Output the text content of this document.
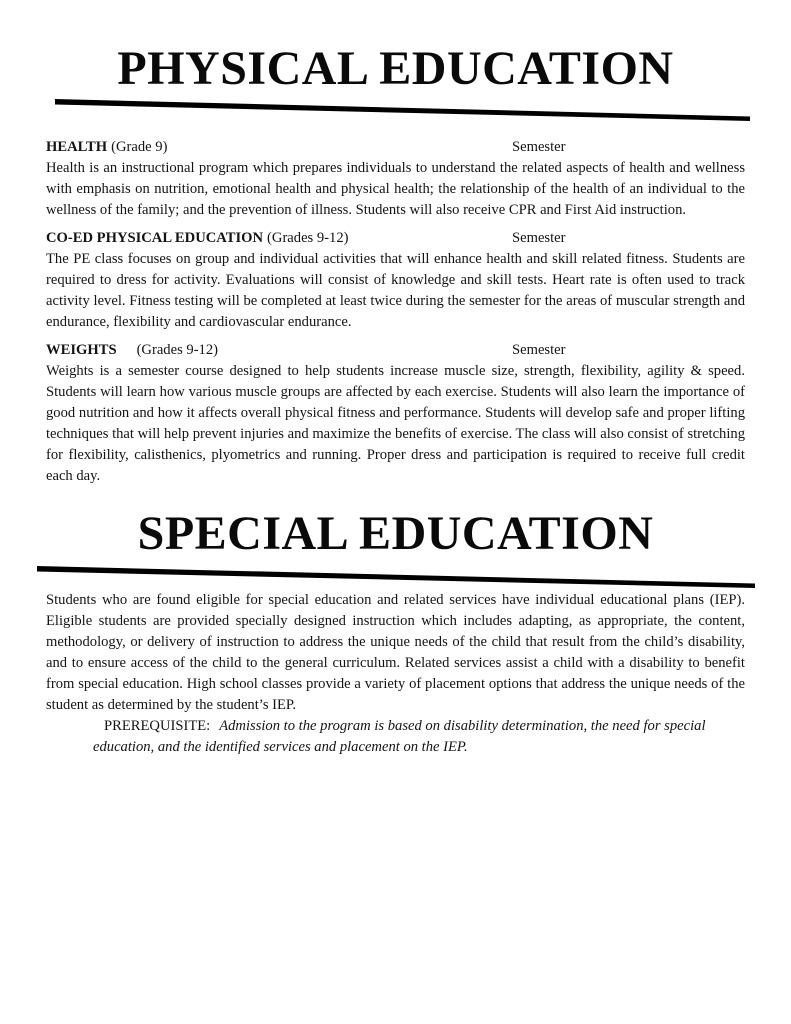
PHYSICAL EDUCATION
HEALTH (Grade 9)	Semester

Health is an instructional program which prepares individuals to understand the related aspects of health and wellness with emphasis on nutrition, emotional health and physical health; the relationship of the health of an individual to the wellness of the family; and the prevention of illness. Students will also receive CPR and First Aid instruction.

CO-ED PHYSICAL EDUCATION (Grades 9-12)	Semester

The PE class focuses on group and individual activities that will enhance health and skill related fitness. Students are required to dress for activity. Evaluations will consist of knowledge and skill tests. Heart rate is often used to track activity level. Fitness testing will be completed at least twice during the semester for the areas of muscular strength and endurance, flexibility and cardiovascular endurance.

WEIGHTS (Grades 9-12)	Semester

Weights is a semester course designed to help students increase muscle size, strength, flexibility, agility & speed. Students will learn how various muscle groups are affected by each exercise. Students will also learn the importance of good nutrition and how it affects overall physical fitness and performance. Students will develop safe and proper lifting techniques that will help prevent injuries and maximize the benefits of exercise. The class will also consist of stretching for flexibility, calisthenics, plyometrics and running. Proper dress and participation is required to receive full credit each day.

SPECIAL EDUCATION

Students who are found eligible for special education and related services have individual educational plans (IEP). Eligible students are provided specially designed instruction which includes adapting, as appropriate, the content, methodology, or delivery of instruction to address the unique needs of the child that result from the child’s disability, and to ensure access of the child to the general curriculum. Related services assist a child with a disability to benefit from special education. High school classes provide a variety of placement options that address the unique needs of the student as determined by the student’s IEP.

PREREQUISITE: Admission to the program is based on disability determination, the need for special education, and the identified services and placement on the IEP.
